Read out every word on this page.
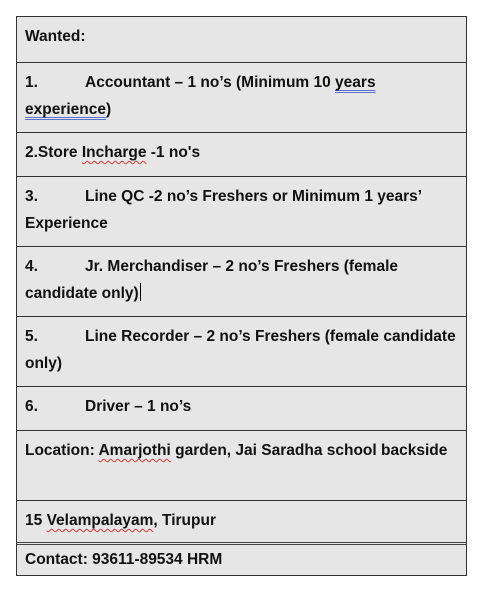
Wanted:
1.	Accountant – 1 no’s (Minimum 10 years experience)
2.Store Incharge -1 no's
3.	Line QC -2 no’s Freshers or Minimum 1 years’ Experience
4.	Jr. Merchandiser – 2 no’s Freshers (female candidate only)
5.	Line Recorder – 2 no’s Freshers (female candidate only)
6.	Driver – 1 no’s
Location: Amarjothi garden, Jai Saradha school backside
15 Velampalayam, Tirupur
Contact: 93611-89534 HRM
